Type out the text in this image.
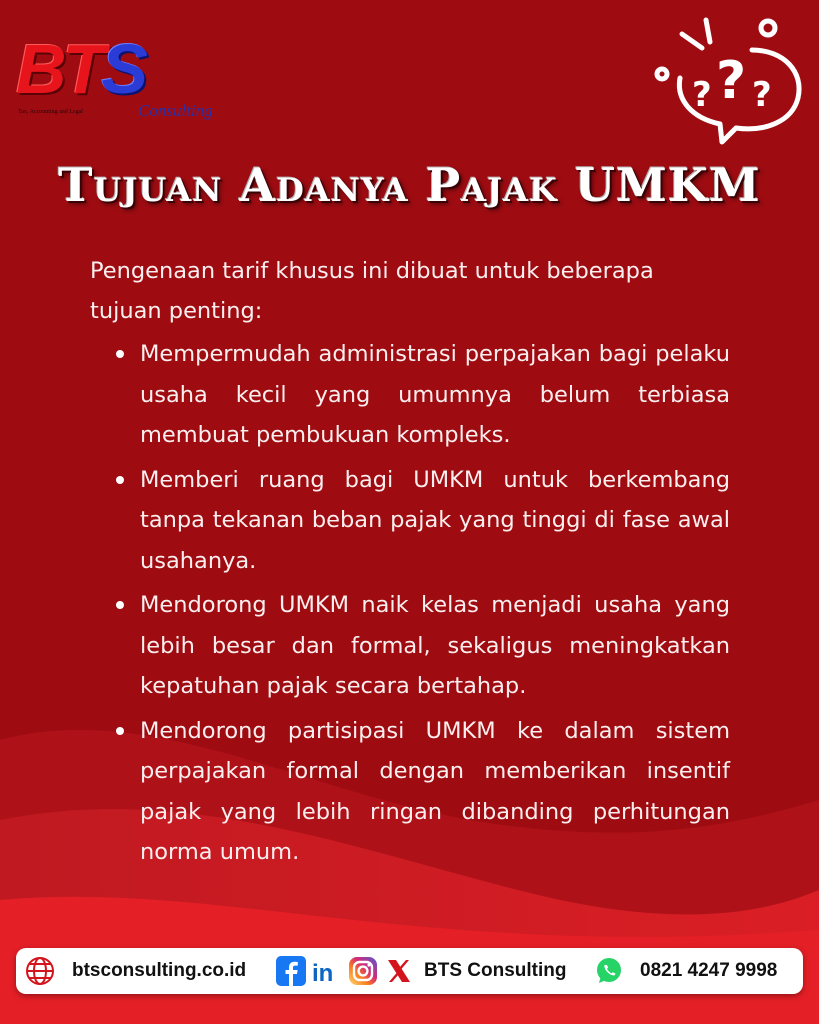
BTS
Tax, Accounting and Legal	Consulting	? ? ?
Tujuan Adanya Pajak UMKM
Pengenaan tarif khusus ini dibuat untuk beberapa tujuan penting:
Mempermudah administrasi perpajakan bagi pelaku usaha kecil yang umumnya belum terbiasa membuat pembukuan kompleks.
Memberi ruang bagi UMKM untuk berkembang tanpa tekanan beban pajak yang tinggi di fase awal usahanya.
Mendorong UMKM naik kelas menjadi usaha yang lebih besar dan formal, sekaligus meningkatkan kepatuhan pajak secara bertahap.
Mendorong partisipasi UMKM ke dalam sistem perpajakan formal dengan memberikan insentif pajak yang lebih ringan dibanding perhitungan norma umum.
btsconsulting.co.id	in	BTS Consulting	0821 4247 9998
